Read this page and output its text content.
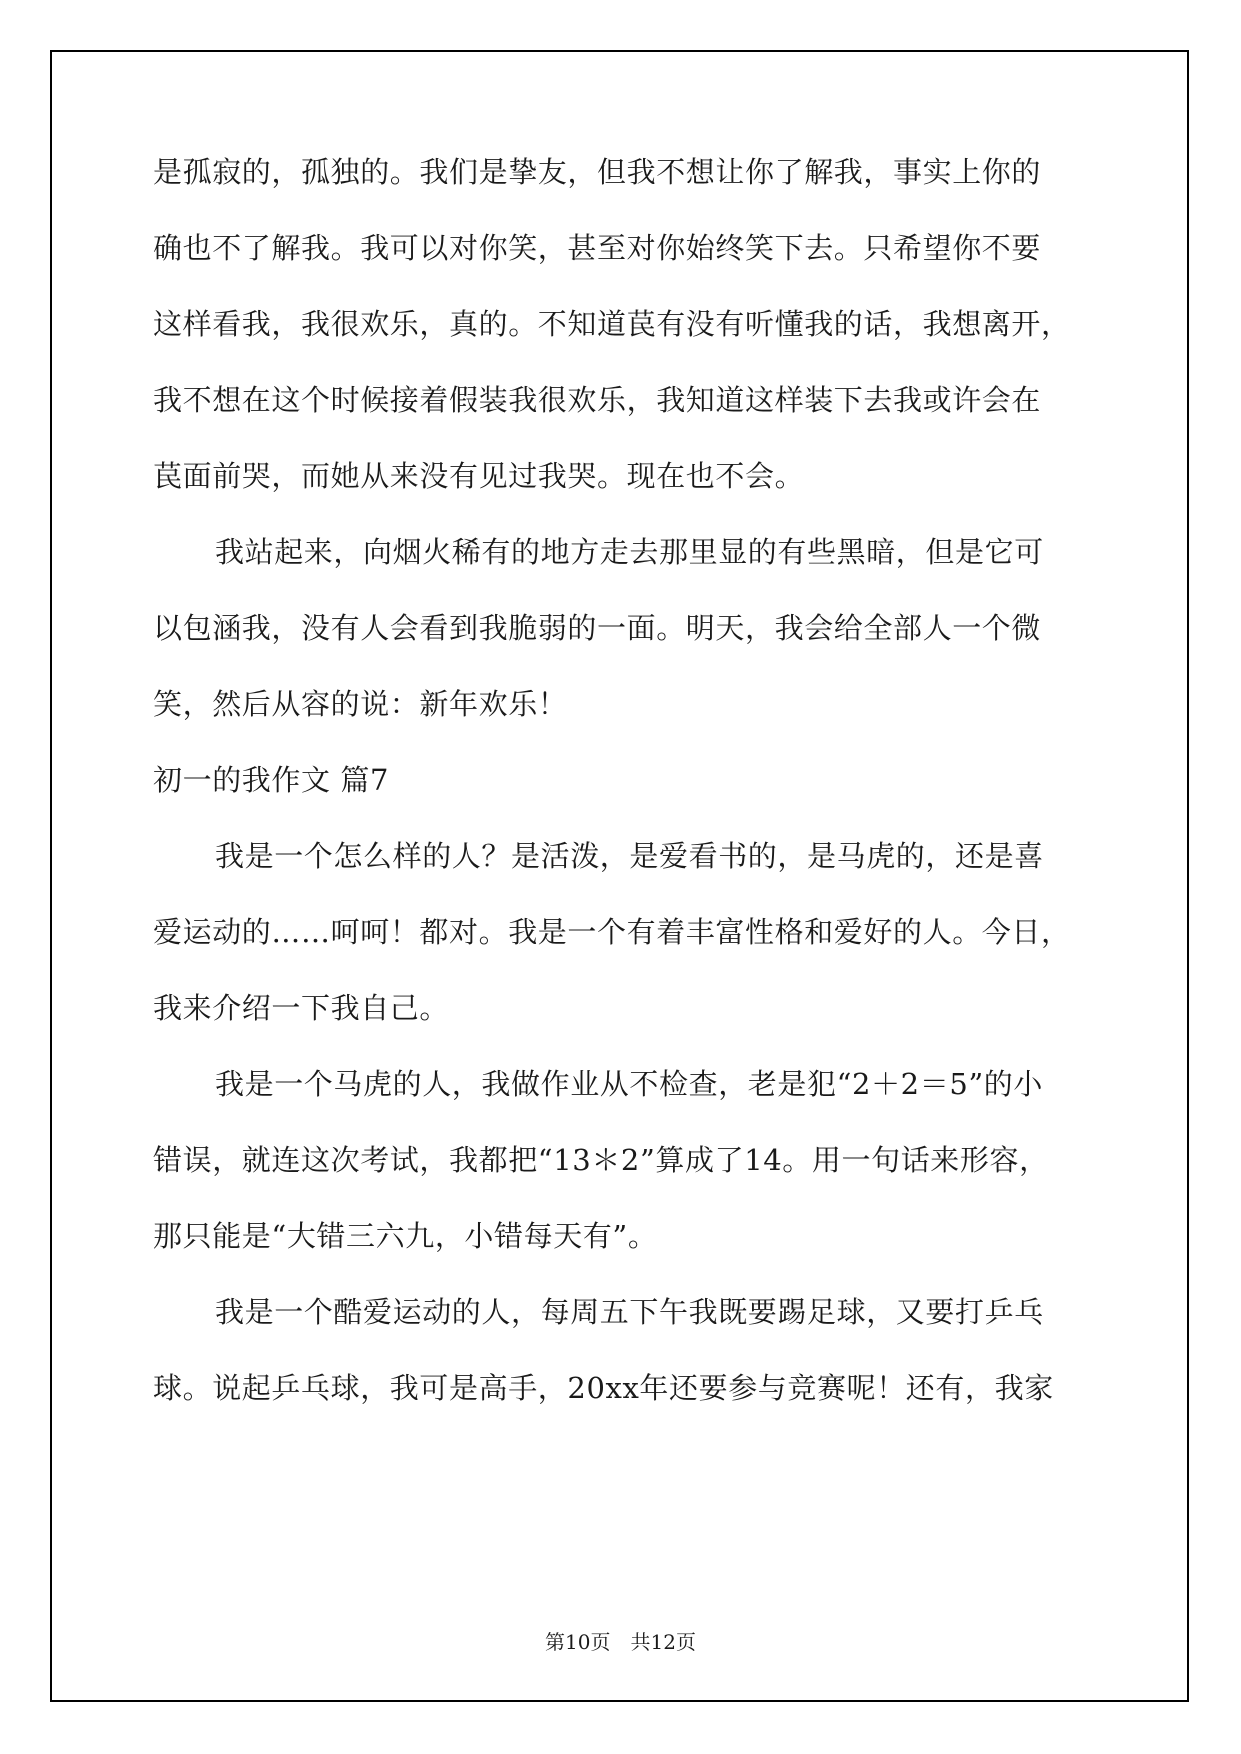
是孤寂的，孤独的。我们是挚友，但我不想让你了解我，事实上你的
确也不了解我。我可以对你笑，甚至对你始终笑下去。只希望你不要
这样看我，我很欢乐，真的。不知道苠有没有听懂我的话，我想离开，
我不想在这个时候接着假装我很欢乐，我知道这样装下去我或许会在
苠面前哭，而她从来没有见过我哭。现在也不会。
我站起来，向烟火稀有的地方走去那里显的有些黑暗，但是它可
以包涵我，没有人会看到我脆弱的一面。明天，我会给全部人一个微
笑，然后从容的说：新年欢乐！
初一的我作文 篇7
我是一个怎么样的人？是活泼，是爱看书的，是马虎的，还是喜
爱运动的……呵呵！都对。我是一个有着丰富性格和爱好的人。今日，
我来介绍一下我自己。
我是一个马虎的人，我做作业从不检查，老是犯“2＋2＝5”的小
错误，就连这次考试，我都把“13＊2”算成了14。用一句话来形容，
那只能是“大错三六九，小错每天有”。
我是一个酷爱运动的人，每周五下午我既要踢足球，又要打乒乓
球。说起乒乓球，我可是高手，20xx年还要参与竞赛呢！还有，我家
第10页　共12页
